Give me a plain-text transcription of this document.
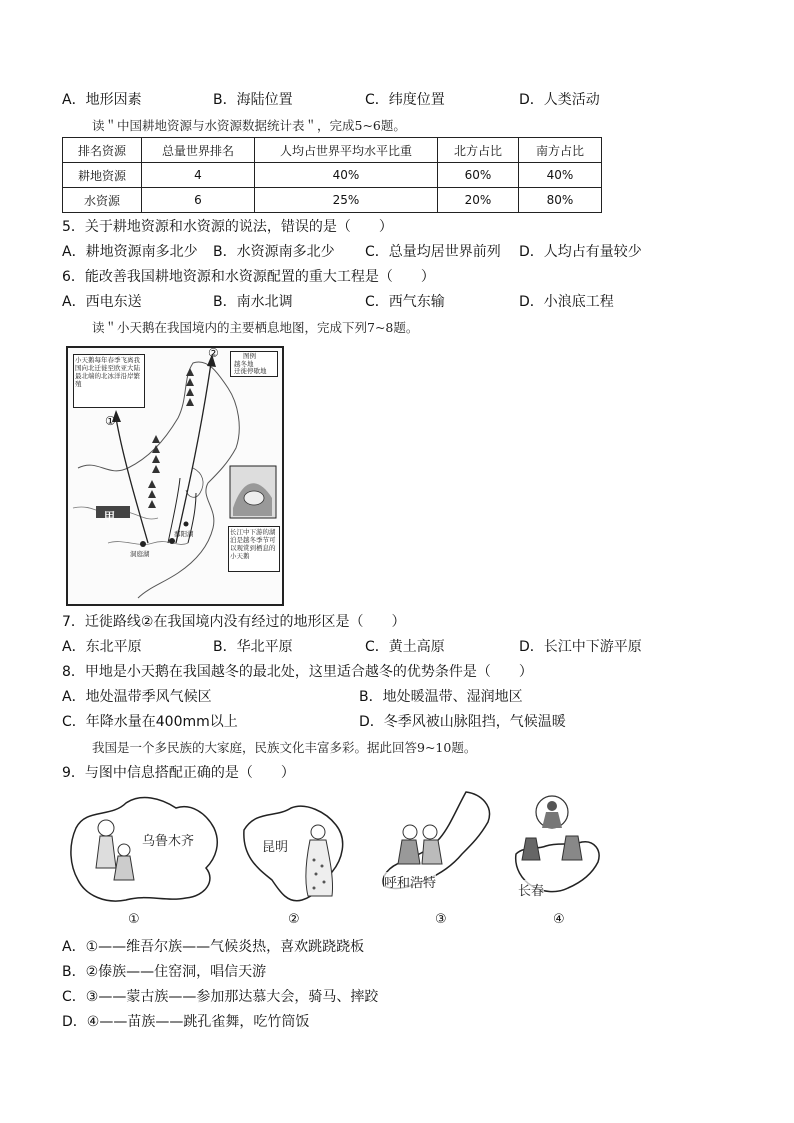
A．地形因素	B．海陆位置	C．纬度位置	D．人类活动
读＂中国耕地资源与水资源数据统计表＂，完成5~6题。
排名资源	总量世界排名	人均占世界平均水平比重	北方占比	南方占比
耕地资源	4	40%	60%	40%
水资源	6	25%	20%	80%
5．关于耕地资源和水资源的说法，错误的是（　　）
A．耕地资源南多北少 B．水资源南多北少 C．总量均居世界前列 D．人均占有量较少
6．能改善我国耕地资源和水资源配置的重大工程是（　　）
A．西电东送	B．南水北调	C．西气东输	D．小浪底工程
读＂小天鹅在我国境内的主要栖息地图，完成下列7~8题。
小天鹅每年春季飞离我国向北迁徙至欧亚大陆最北端的北冰洋沿岸繁殖
图例
越冬地
迁徙停歇地
①
②
甲
洞庭湖
鄱阳湖	长江中下游的湖泊是越冬季节可以观赏到栖息的小天鹅
7．迁徙路线②在我国境内没有经过的地形区是（　　）
A．东北平原	B．华北平原	C．黄土高原	D．长江中下游平原
8．甲地是小天鹅在我国越冬的最北处，这里适合越冬的优势条件是（　　）
A．地处温带季风气候区	B．地处暖温带、湿润地区
C．年降水量在400mm以上	D．冬季风被山脉阻挡，气候温暖
我国是一个多民族的大家庭，民族文化丰富多彩。据此回答9~10题。
9．与图中信息搭配正确的是（　　）
乌鲁木齐
①
昆明
②
呼和浩特
③
长春
④
A．①——维吾尔族——气候炎热，喜欢跳跷跷板
B．②傣族——住窑洞，唱信天游
C．③——蒙古族——参加那达慕大会，骑马、摔跤
D．④——苗族——跳孔雀舞，吃竹筒饭
